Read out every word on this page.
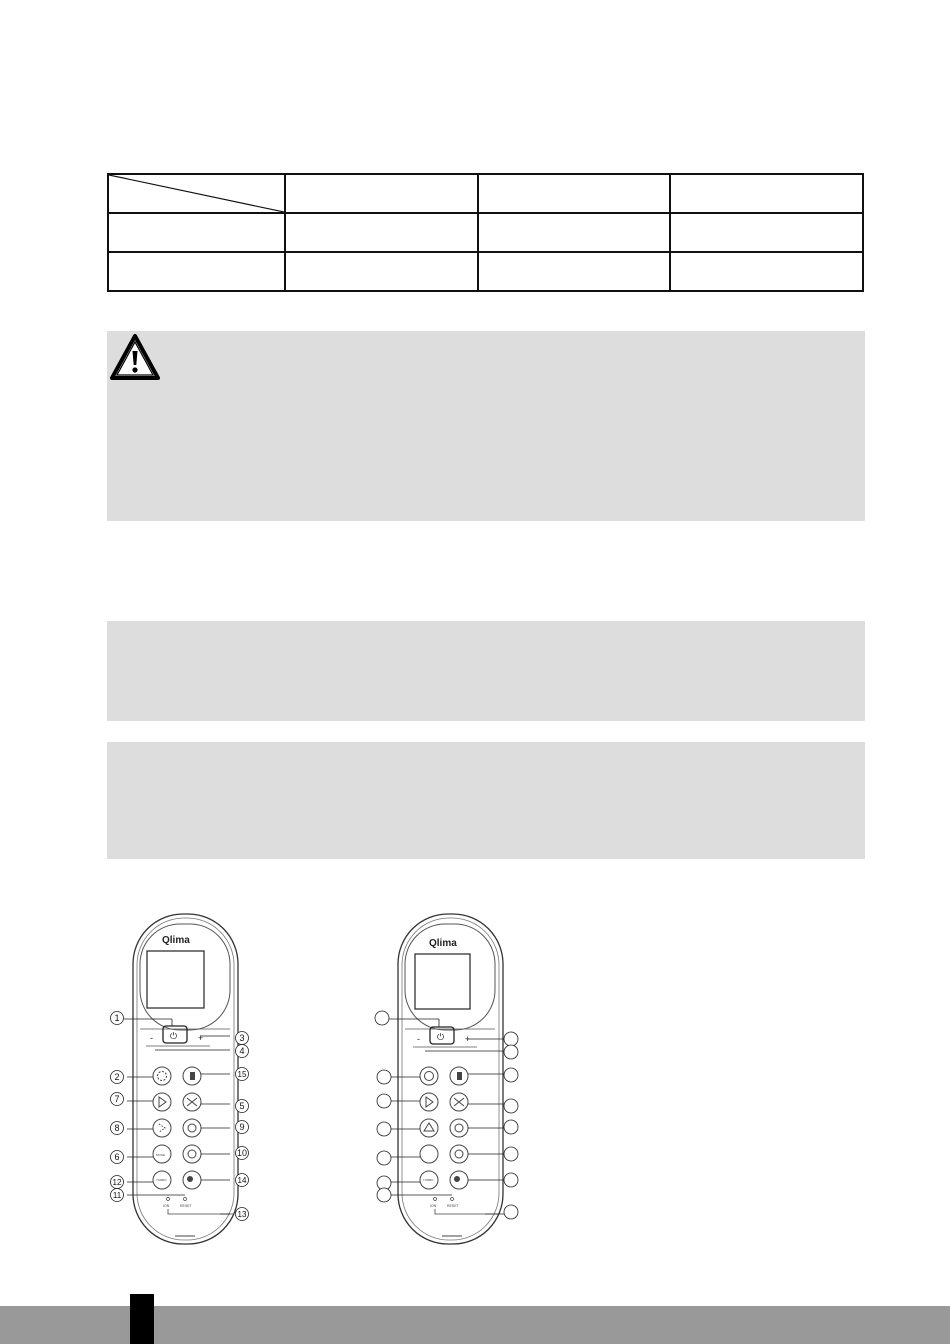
Qlima
⏻
-	+
MODE
TURBO
ION	RESET
1
2
3
4
5
6
7
8	9
10
11
12
13
14
15
Qlima
⏻
-	+
TURBO
ION	RESET
